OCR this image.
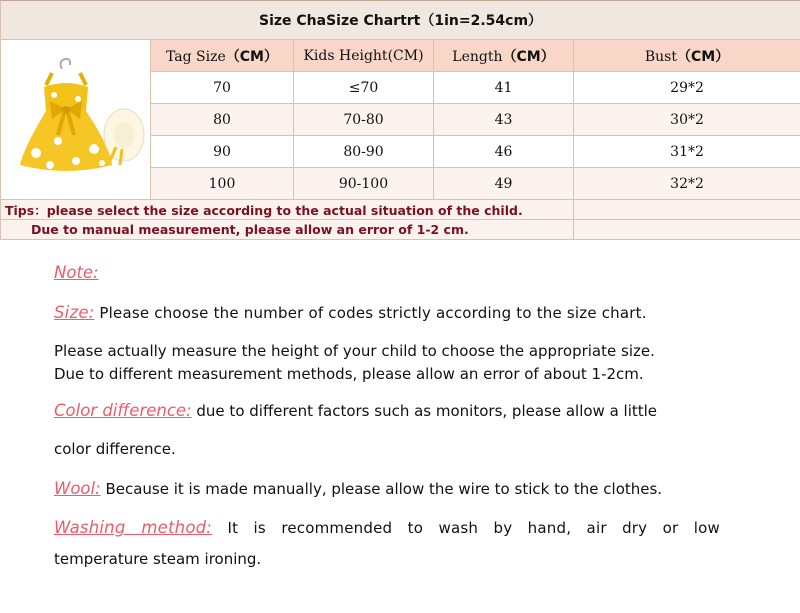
Size ChaSize Chartrt（1in=2.54cm）				
	Tag Size（CM）	Kids Height(CM)	Length（CM）	Bust（CM）
	70	≤70	41	29*2
	80	70-80	43	30*2
	90	80-90	46	31*2
	100	90-100	49	32*2
Tips：please select the size according to the actual situation of the child.				
Due to manual measurement, please allow an error of 1-2 cm.				

Note:

Size: Please choose the number of codes strictly according to the size chart.

Please actually measure the height of your child to choose the appropriate size.

Due to different measurement methods, please allow an error of about 1-2cm.

Color difference: due to different factors such as monitors, please allow a little

color difference.

Wool: Because it is made manually, please allow the wire to stick to the clothes.

Washing method: It is recommended to wash by hand, air dry or low

temperature steam ironing.
